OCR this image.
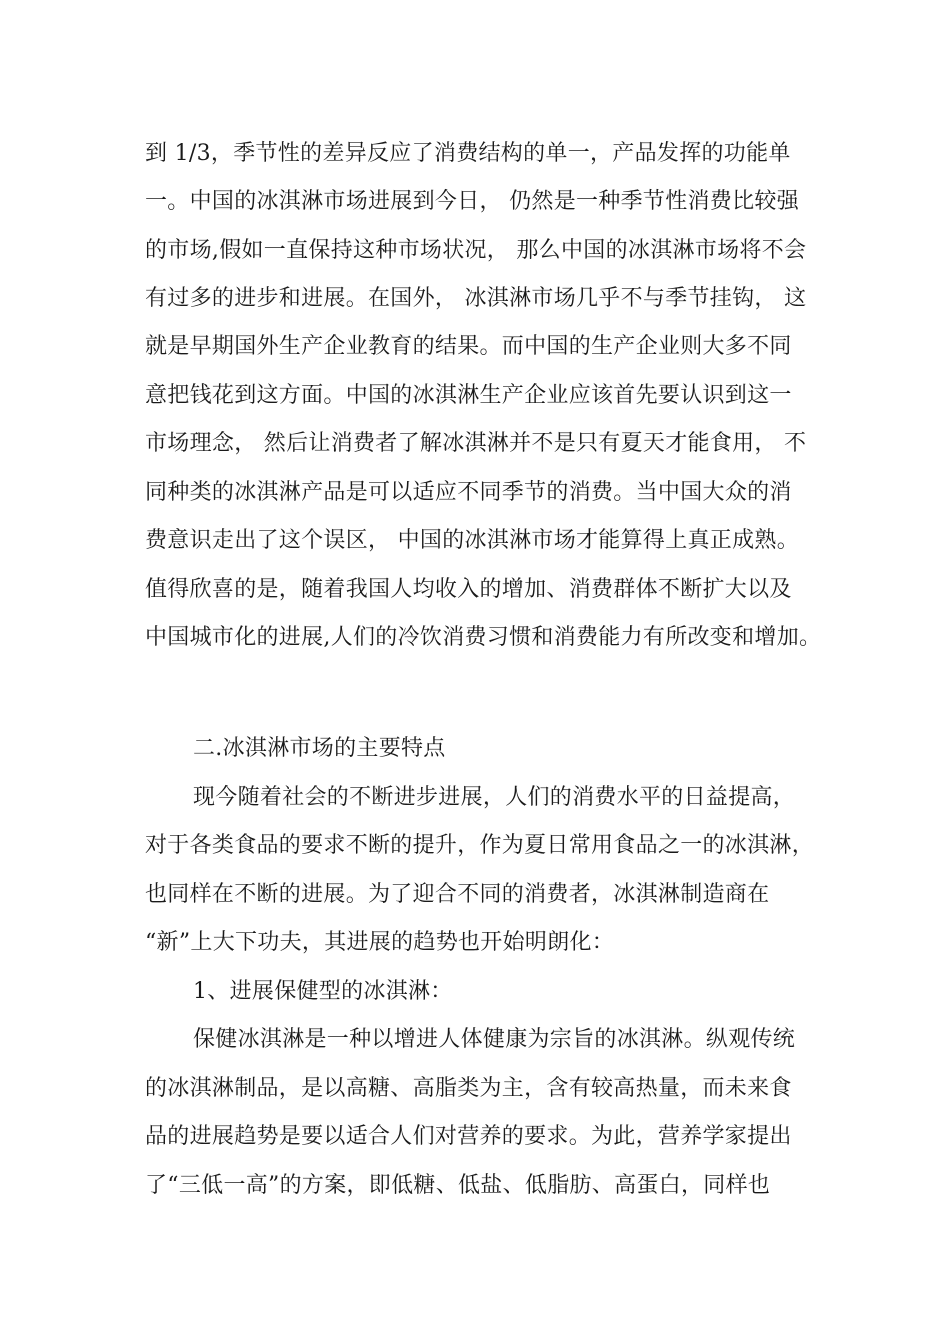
到 1/3，季节性的差异反应了消费结构的单一，产品发挥的功能单

一。中国的冰淇淋市场进展到今日， 仍然是一种季节性消费比较强

的市场,假如一直保持这种市场状况， 那么中国的冰淇淋市场将不会

有过多的进步和进展。在国外， 冰淇淋市场几乎不与季节挂钩， 这

就是早期国外生产企业教育的结果。而中国的生产企业则大多不同

意把钱花到这方面。中国的冰淇淋生产企业应该首先要认识到这一

市场理念， 然后让消费者了解冰淇淋并不是只有夏天才能食用， 不

同种类的冰淇淋产品是可以适应不同季节的消费。当中国大众的消

费意识走出了这个误区， 中国的冰淇淋市场才能算得上真正成熟。

值得欣喜的是，随着我国人均收入的增加、消费群体不断扩大以及

中国城市化的进展,人们的冷饮消费习惯和消费能力有所改变和增加。

二.冰淇淋市场的主要特点

现今随着社会的不断进步进展，人们的消费水平的日益提高，

对于各类食品的要求不断的提升，作为夏日常用食品之一的冰淇淋，

也同样在不断的进展。为了迎合不同的消费者，冰淇淋制造商在

“新”上大下功夫，其进展的趋势也开始明朗化：

1、进展保健型的冰淇淋：

保健冰淇淋是一种以增进人体健康为宗旨的冰淇淋。纵观传统

的冰淇淋制品，是以高糖、高脂类为主，含有较高热量，而未来食

品的进展趋势是要以适合人们对营养的要求。为此，营养学家提出

了“三低一高”的方案，即低糖、低盐、低脂肪、高蛋白，同样也
